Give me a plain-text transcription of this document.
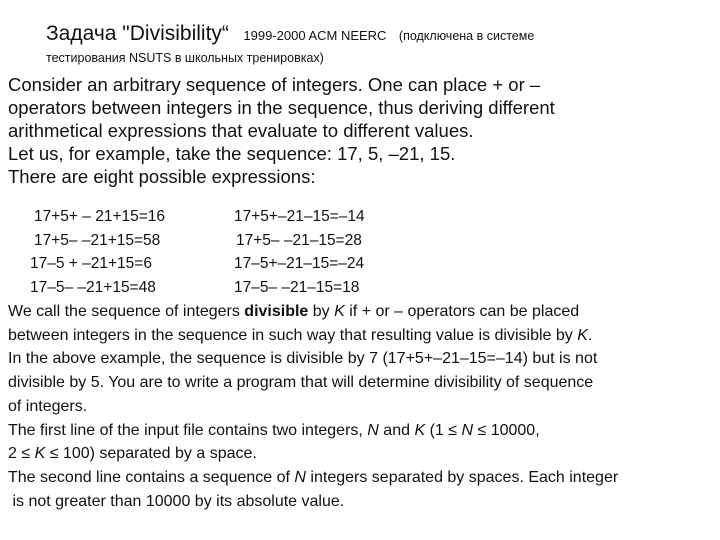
Задача "Divisibility“ 1999-2000 ACM NEERC (подключена в системе
тестирования NSUTS в школьных тренировках)
Consider an arbitrary sequence of integers. One can place + or –
operators between integers in the sequence, thus deriving different
arithmetical expressions that evaluate to different values.
Let us, for example, take the sequence: 17, 5, –21, 15.
There are eight possible expressions:
17+5+ – 21+15=16	17+5+–21–15=–14
17+5– –21+15=58	17+5– –21–15=28
17–5 + –21+15=6	17–5+–21–15=–24
17–5– –21+15=48	17–5– –21–15=18
We call the sequence of integers divisible by K if + or – operators can be placed
between integers in the sequence in such way that resulting value is divisible by K.
In the above example, the sequence is divisible by 7 (17+5+–21–15=–14) but is not
divisible by 5. You are to write a program that will determine divisibility of sequence
of integers.
The first line of the input file contains two integers, N and K (1 ≤ N ≤ 10000,
2 ≤ K ≤ 100) separated by a space.
The second line contains a sequence of N integers separated by spaces. Each integer
is not greater than 10000 by its absolute value.
